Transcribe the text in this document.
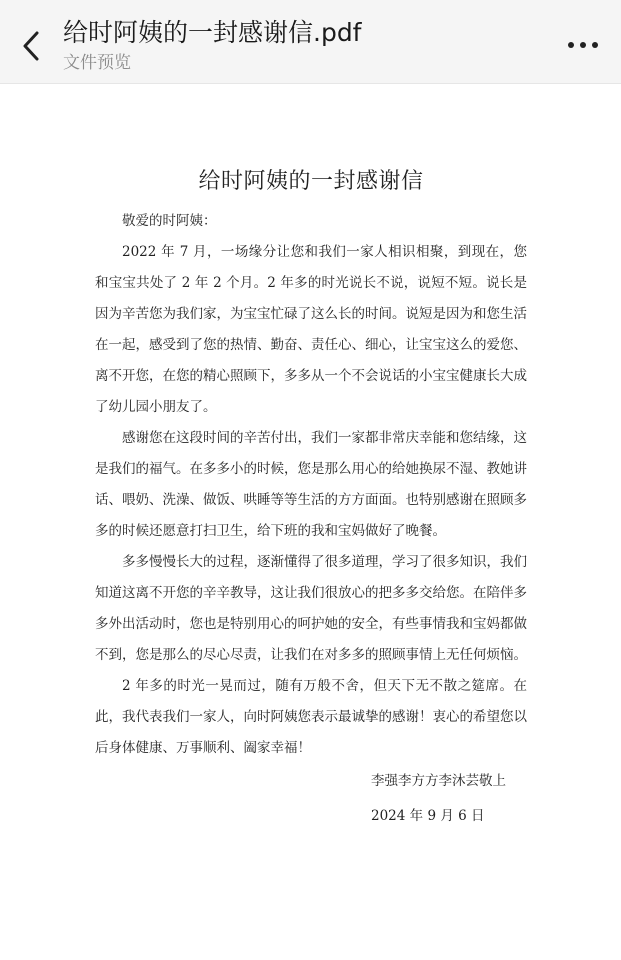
给时阿姨的一封感谢信.pdf
文件预览
给时阿姨的一封感谢信

敬爱的时阿姨：

2022 年 7 月，一场缘分让您和我们一家人相识相聚，到现在，您和宝宝共处了 2 年 2 个月。2 年多的时光说长不说，说短不短。说长是因为辛苦您为我们家，为宝宝忙碌了这么长的时间。说短是因为和您生活在一起，感受到了您的热情、勤奋、责任心、细心，让宝宝这么的爱您、离不开您，在您的精心照顾下，多多从一个不会说话的小宝宝健康长大成了幼儿园小朋友了。

感谢您在这段时间的辛苦付出，我们一家都非常庆幸能和您结缘，这是我们的福气。在多多小的时候，您是那么用心的给她换尿不湿、教她讲话、喂奶、洗澡、做饭、哄睡等等生活的方方面面。也特别感谢在照顾多多的时候还愿意打扫卫生，给下班的我和宝妈做好了晚餐。

多多慢慢长大的过程，逐渐懂得了很多道理，学习了很多知识，我们知道这离不开您的辛辛教导，这让我们很放心的把多多交给您。在陪伴多多外出活动时，您也是特别用心的呵护她的安全，有些事情我和宝妈都做不到，您是那么的尽心尽责，让我们在对多多的照顾事情上无任何烦恼。

2 年多的时光一晃而过，随有万般不舍，但天下无不散之筵席。在此，我代表我们一家人，向时阿姨您表示最诚挚的感谢！衷心的希望您以后身体健康、万事顺利、阖家幸福！

李强李方方李沐芸敬上

2024 年 9 月 6 日
